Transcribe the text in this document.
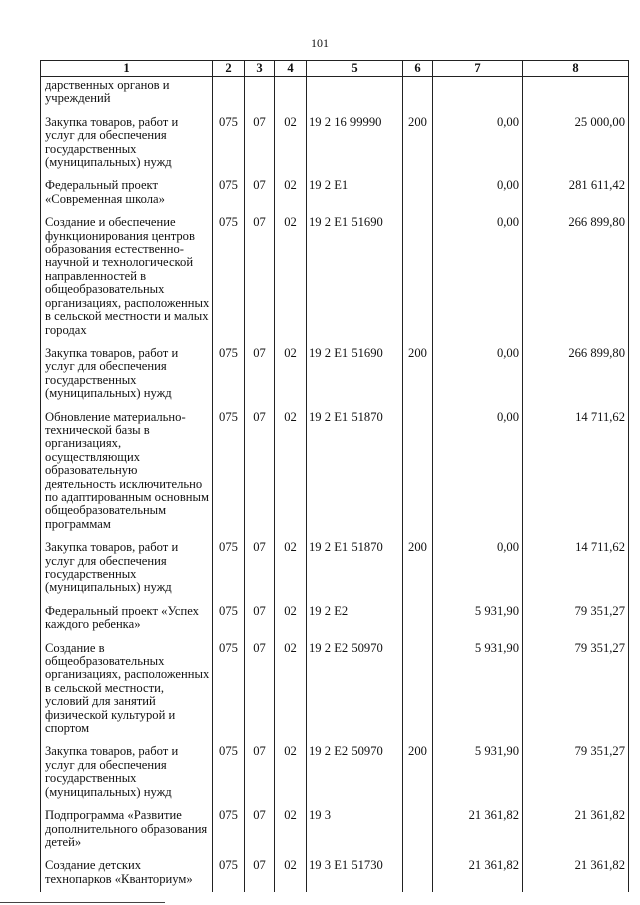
101
1	2	3	4	5	6	7	8
дарственных органов и учреждений							
Закупка товаров, работ и услуг для обеспечения государственных (муниципальных) нужд	075	07	02	19 2 16 99990	200	0,00	25 000,00
Федеральный проект «Современная школа»	075	07	02	19 2 E1		0,00	281 611,42
Создание и обеспечение функционирования центров образования естественно-научной и технологической направленностей в общеобразовательных организациях, расположенных в сельской местности и малых городах	075	07	02	19 2 E1 51690		0,00	266 899,80
Закупка товаров, работ и услуг для обеспечения государственных (муниципальных) нужд	075	07	02	19 2 E1 51690	200	0,00	266 899,80
Обновление материально-технической базы в организациях, осуществляющих образовательную деятельность исключительно по адаптированным основным общеобразовательным программам	075	07	02	19 2 E1 51870		0,00	14 711,62
Закупка товаров, работ и услуг для обеспечения государственных (муниципальных) нужд	075	07	02	19 2 E1 51870	200	0,00	14 711,62
Федеральный проект «Успех каждого ребенка»	075	07	02	19 2 E2		5 931,90	79 351,27
Создание в общеобразовательных организациях, расположенных в сельской местности, условий для занятий физической культурой и спортом	075	07	02	19 2 E2 50970		5 931,90	79 351,27
Закупка товаров, работ и услуг для обеспечения государственных (муниципальных) нужд	075	07	02	19 2 E2 50970	200	5 931,90	79 351,27
Подпрограмма «Развитие дополнительного образования детей»	075	07	02	19 3		21 361,82	21 361,82
Создание детских технопарков «Кванториум»	075	07	02	19 3 E1 51730		21 361,82	21 361,82
